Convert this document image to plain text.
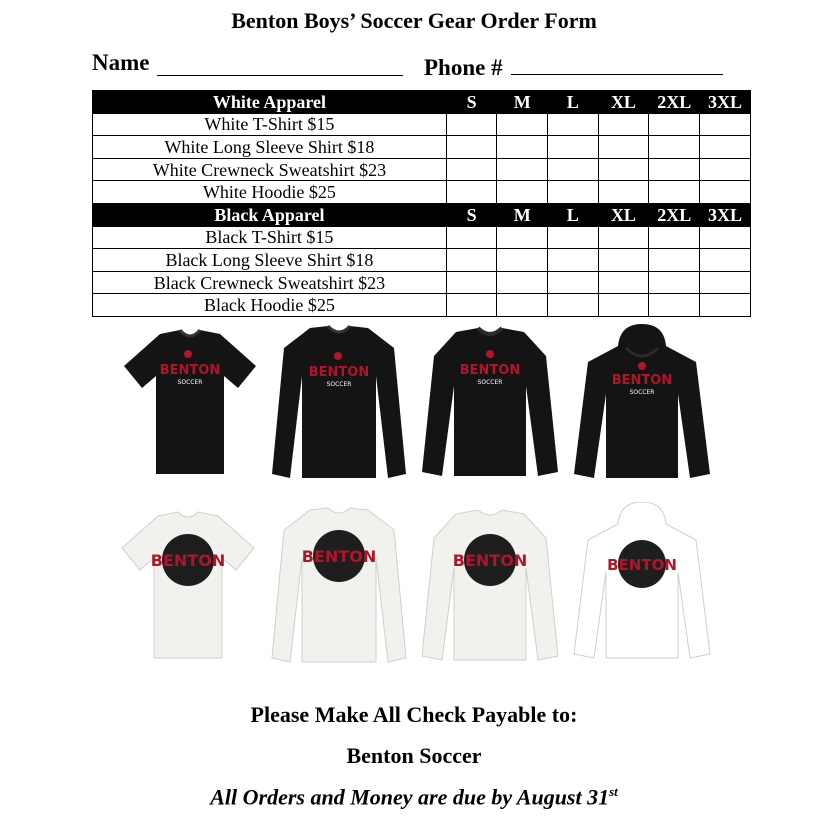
Benton Boys’ Soccer Gear Order Form
Name	Phone #
White Apparel	S	M	L	XL	2XL	3XL
White T-Shirt $15						
White Long Sleeve Shirt $18						
White Crewneck Sweatshirt $23						
White Hoodie $25						
Black Apparel	S	M	L	XL	2XL	3XL
Black T-Shirt $15						
Black Long Sleeve Shirt $18						
Black Crewneck Sweatshirt $23						
Black Hoodie $25						
BENTON
SOCCER
BENTON
SOCCER
BENTON
SOCCER	BENTON
SOCCER
BENTON	BENTON	BENTON	BENTON
Please Make All Check Payable to:
Benton Soccer
All Orders and Money are due by August 31st
